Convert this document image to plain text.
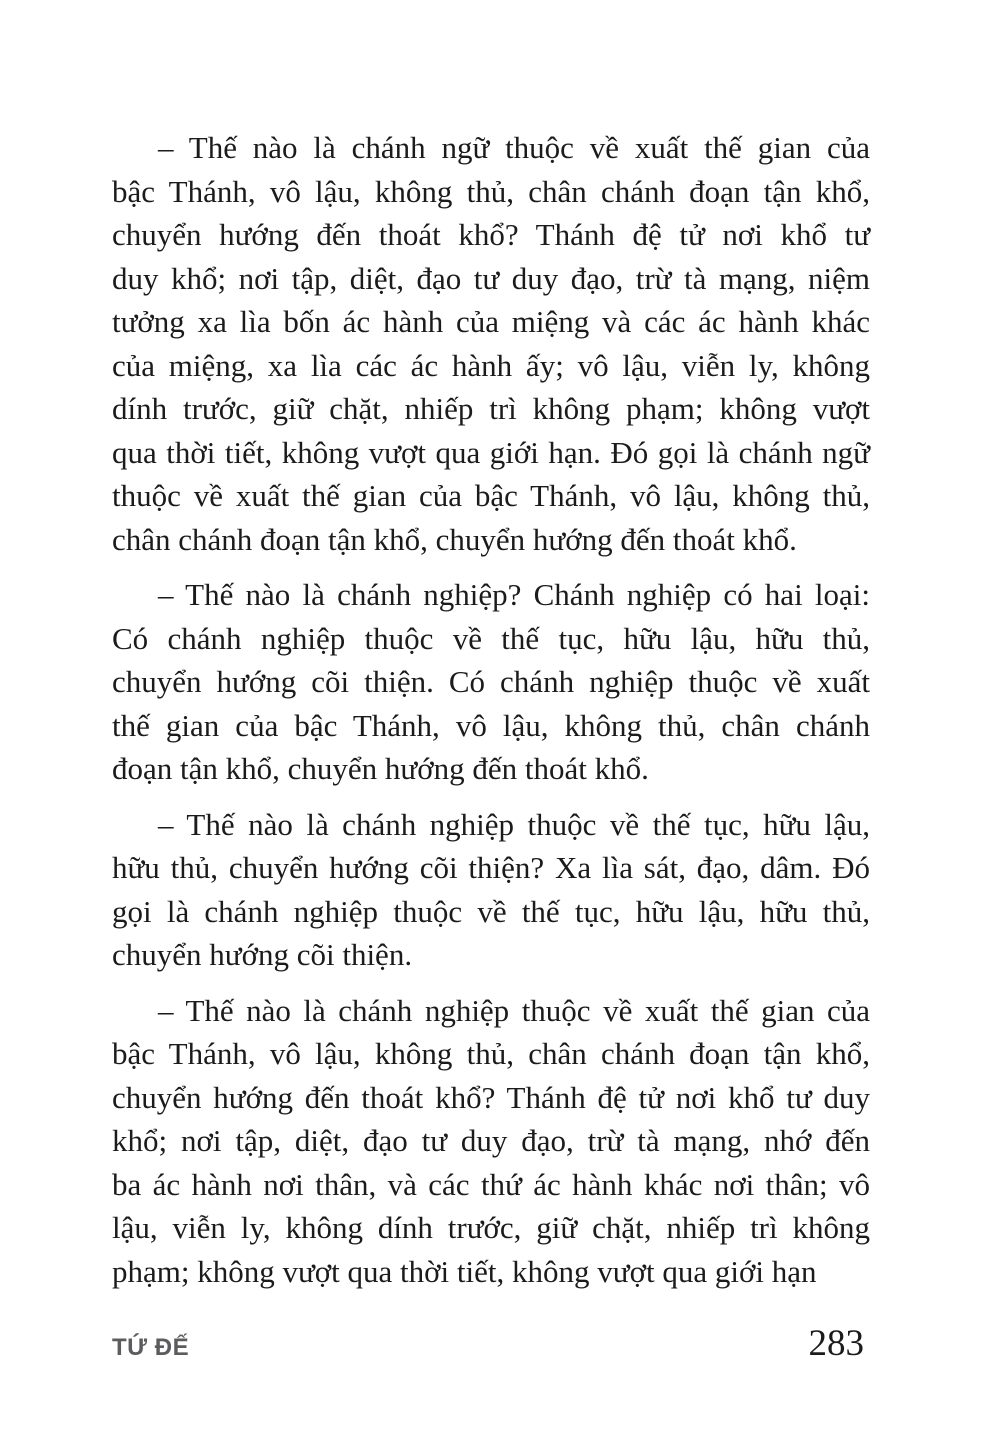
– Thế nào là chánh ngữ thuộc về xuất thế gian của
bậc Thánh, vô lậu, không thủ, chân chánh đoạn tận khổ,
chuyển hướng đến thoát khổ? Thánh đệ tử nơi khổ tư
duy khổ; nơi tập, diệt, đạo tư duy đạo, trừ tà mạng, niệm
tưởng xa lìa bốn ác hành của miệng và các ác hành khác
của miệng, xa lìa các ác hành ấy; vô lậu, viễn ly, không
dính trước, giữ chặt, nhiếp trì không phạm; không vượt
qua thời tiết, không vượt qua giới hạn. Đó gọi là chánh ngữ
thuộc về xuất thế gian của bậc Thánh, vô lậu, không thủ,
chân chánh đoạn tận khổ, chuyển hướng đến thoát khổ.
– Thế nào là chánh nghiệp? Chánh nghiệp có hai loại:
Có chánh nghiệp thuộc về thế tục, hữu lậu, hữu thủ,
chuyển hướng cõi thiện. Có chánh nghiệp thuộc về xuất
thế gian của bậc Thánh, vô lậu, không thủ, chân chánh
đoạn tận khổ, chuyển hướng đến thoát khổ.
– Thế nào là chánh nghiệp thuộc về thế tục, hữu lậu,
hữu thủ, chuyển hướng cõi thiện? Xa lìa sát, đạo, dâm. Đó
gọi là chánh nghiệp thuộc về thế tục, hữu lậu, hữu thủ,
chuyển hướng cõi thiện.
– Thế nào là chánh nghiệp thuộc về xuất thế gian của
bậc Thánh, vô lậu, không thủ, chân chánh đoạn tận khổ,
chuyển hướng đến thoát khổ? Thánh đệ tử nơi khổ tư duy
khổ; nơi tập, diệt, đạo tư duy đạo, trừ tà mạng, nhớ đến
ba ác hành nơi thân, và các thứ ác hành khác nơi thân; vô
lậu, viễn ly, không dính trước, giữ chặt, nhiếp trì không
phạm; không vượt qua thời tiết, không vượt qua giới hạn
TỨ ĐẾ	283
